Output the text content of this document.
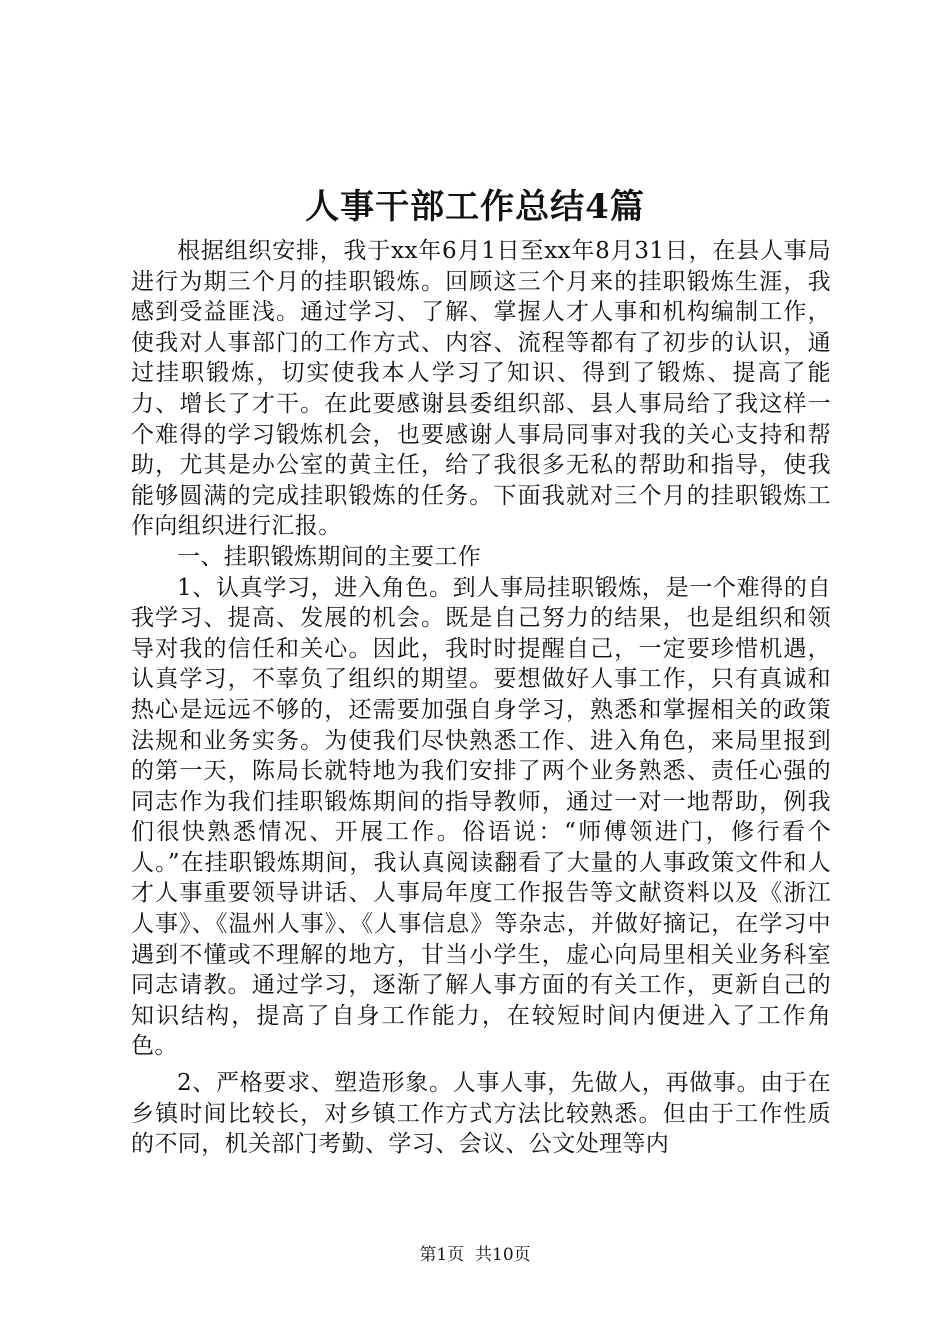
人事干部工作总结4篇

根据组织安排，我于xx年6月1日至xx年8月31日，在县人事局进行为期三个月的挂职锻炼。回顾这三个月来的挂职锻炼生涯，我感到受益匪浅。通过学习、了解、掌握人才人事和机构编制工作，使我对人事部门的工作方式、内容、流程等都有了初步的认识，通过挂职锻炼，切实使我本人学习了知识、得到了锻炼、提高了能力、增长了才干。在此要感谢县委组织部、县人事局给了我这样一个难得的学习锻炼机会，也要感谢人事局同事对我的关心支持和帮助，尤其是办公室的黄主任，给了我很多无私的帮助和指导，使我能够圆满的完成挂职锻炼的任务。下面我就对三个月的挂职锻炼工作向组织进行汇报。

一、挂职锻炼期间的主要工作

1、认真学习，进入角色。到人事局挂职锻炼，是一个难得的自我学习、提高、发展的机会。既是自己努力的结果，也是组织和领导对我的信任和关心。因此，我时时提醒自己，一定要珍惜机遇，认真学习，不辜负了组织的期望。要想做好人事工作，只有真诚和热心是远远不够的，还需要加强自身学习，熟悉和掌握相关的政策法规和业务实务。为使我们尽快熟悉工作、进入角色，来局里报到的第一天，陈局长就特地为我们安排了两个业务熟悉、责任心强的同志作为我们挂职锻炼期间的指导教师，通过一对一地帮助，例我们很快熟悉情况、开展工作。俗语说：“师傅领进门，修行看个人。”在挂职锻炼期间，我认真阅读翻看了大量的人事政策文件和人才人事重要领导讲话、人事局年度工作报告等文献资料以及《浙江人事》、《温州人事》、《人事信息》等杂志，并做好摘记，在学习中遇到不懂或不理解的地方，甘当小学生，虚心向局里相关业务科室同志请教。通过学习，逐渐了解人事方面的有关工作，更新自己的知识结构，提高了自身工作能力，在较短时间内便进入了工作角色。

2、严格要求、塑造形象。人事人事，先做人，再做事。由于在乡镇时间比较长，对乡镇工作方式方法比较熟悉。但由于工作性质的不同，机关部门考勤、学习、会议、公文处理等内

第1页 共10页
